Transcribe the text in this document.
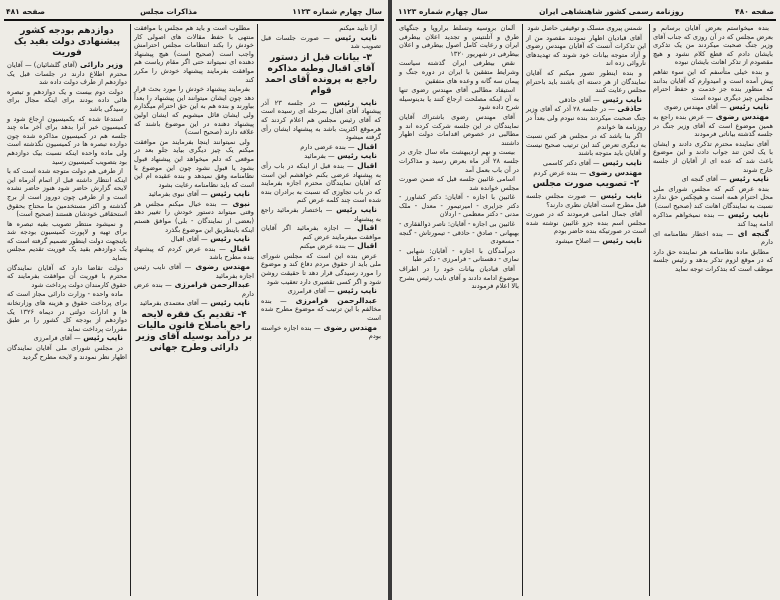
سال چهارم شماره ۱۱۲۳
مذاکرات مجلس
صفحه ۴۸۱

آرا تأیید میکنم

نایب رئیس — صورت جلسات قبل تصویب شد

۳- بیانات قبل از دستور آقای اقبال وطیه مذاکره راجع به پرونده آقای احمد قوام

نایب رئیس — در جلسه ۲۳ آذر پیشنهاد آقای اقبال بمرحله ای رسیده است که آقای رئیس مجلس هم اعلام کردند که هرموقع اکثریت باشد به پیشنهاد ایشان رأی گرفته میشود

اقبال — بنده عرضی دارم

نایب رئیس — بفرمائید

اقبال — بنده قبل از اینکه در باب رأی به پیشنهاد عرضی بکنم خواهشم این است که آقایان نمایندگان محترم اجازه بفرمایند که در باب تجاوزی که نسبت به برادران بنده شده است چند کلمه عرض کنم

نایب رئیس — باختصار بفرمائید راجع به پیشنهاد

اقبال — اجازه بفرمائید اگر آقایان موافقت میفرمایند عرض کنم

اقبال — بنده عرض میکنم

عرض بنده این است که مجلس شورای ملی باید از حقوق مردم دفاع کند و موضوع را مورد رسیدگی قرار دهد تا حقیقت روشن شود و اگر کسی تقصیری دارد تعقیب شود

نایب رئیس — آقای فرامرزی

عبدالرحمن فرامرزی — بنده مخالفم با این ترتیب که موضوع مطرح شده است

مهندس رضوی — بنده اجازه خواسته بودم

مطلوب است و باید هم مجلس با موافقت منتهی با حفظ مقالات های اصولی کار خودش را بکند انتظامات مجلس احترامش واجب است (صحیح است) هیچ پیشنهاد دهنده ای نمیتواند حتی اگر مقام ریاست هم موافقت بفرمایند پیشنهاد خودش را مکرر کند

بفرمایند پیشنهاد خودش را مورد بحث قرار دهد چون ایشان میتوانند این پیشنهاد را بعداً بیاورند و بنده هم به این حق احترام میگذارم ولی ایشان قائل میشویم که ایشان اولین پیشنهاد دهنده در این موضوع باشند که علاقه دارند (صحیح است)

ولی نمیتوانند اینجا بفرمایند من موافقت میکنم یک چیز دیگری بیاید جلو بعد در موقعی که دلم میخواهد این پیشنهاد قبول بشود یا قبول نشود چون این موضوع با نظامنامه وفق نمیدهد و بنده عقیده ام این است که باید نظامنامه رعایت بشود

نایب رئیس — آقای نبوی بفرمائید

نبوی — بنده خیال میکنم مجلس هر وقتی میتواند دستور خودش را تغییر دهد (بعضی از نمایندگان - بلی) موافق هستم اینکه باینطریق این موضوع بگذرد

نایب رئیس — آقای اقبال

اقبال — بنده عرض کردم که پیشنهاد بنده مطرح باشد

مهندس رضوی — آقای نایب رئیس اجازه بفرمائید

عبدالرحمن فرامرزی — بنده عرض دارم

نایب رئیس — آقای معتمدی بفرمائید

۴- تقدیم یک فقره لایحه راجع باصلاح قانون مالیات بر درآمد بوسیله آقای وزیر دارائی وطرح جهانی
دوازدهم بودجه کشور پیشنهادی دولت بقید یک فوریت

وزیر دارائی (آقای گلشائیان) — آقایان محترم اطلاع دارند در جلسات قبل یک دوازدهم از طرف دولت داده شد

دولت دوم بیست و یک دوازدهم و تبصره هائی داده بودند برای اینکه مجال برای رسیدگی باشد

استدعا شده که بکمیسیون ارجاع شود و کمیسیون خبر آنرا بدهد برای آخر ماه چند جلسه هم در کمیسیون مذاکره شده چون دوازده تبصره ها در کمیسیون نگذشته است ولی ماده واحده اینکه نسبت بیک دوازدهم بود بتصویب کمیسیون رسید

از طرفی هم دولت متوجه شده است که با اینکه انتظار داشته قبل از اتمام آذرماه این لایحه گزارش حاضر شود هنوز حاضر نشده است و از طرفی چون دوروز است از برج گذشته و اکثر مستخدمین ما محتاج بحقوق استحقاقی خودشان هستند (صحیح است)

و نمیشود منتظر تصویب بقیه تبصره ها برای تهیه و لاپورت کمیسیون بودجه شد باینجهت دولت اینطور تصمیم گرفته است که یک دوازدهم بقید یک فوریت تقدیم مجلس بنماید

دولت تقاضا دارد که آقایان نمایندگان محترم با فوریت آن موافقت بفرمایند که حقوق کارمندان دولت پرداخت شود

ماده واحده - وزارت دارائی مجاز است که برای پرداخت حقوق و هزینه های وزارتخانه ها و ادارات دولتی در دیماه ۱۳۲۶ یک دوازدهم از بودجه کل کشور را بر طبق مقررات پرداخت نماید

نایب رئیس — آقای فرامرزی

در مجلس شورای ملی آقایان نمایندگان اظهار نظر نمودند و لایحه مطرح گردید

صفحه ۴۸۰
روزنامه رسمی کشور شاهنشاهی ایران
سال چهارم شماره ۱۱۲۳

بنده میخواستم بعرض آقایان برسانم و بعرض مجلس که در آن روزی که جناب آقای وزیر جنگ صحبت میکردند من یک تذکری بایشان دادم که قطع کلام نشود و هیچ مقصودم از تذکر اهانت بایشان نبوده

و بنده خیلی متأسفم که این سوء تفاهم پیش آمده است و امیدوارم که آقایان بدانند که منظور بنده جز خدمت و حفظ احترام مجلس چیز دیگری نبوده است

نایب رئیس — آقای مهندس رضوی

مهندس رضوی — عرض بنده راجع به همین موضوع است که آقای وزیر جنگ در جلسه گذشته بیاناتی فرمودند

آقای نماینده محترم تذکری دادند و ایشان با یک لحن تند جواب دادند و این موضوع باعث شد که عده ای از آقایان از جلسه خارج شوند

نایب رئیس — آقای گنجه ای

بنده عرض کنم که مجلس شورای ملی محل احترام همه است و هیچکس حق ندارد نسبت به نمایندگان اهانت کند (صحیح است)

نایب رئیس — بنده نمیخواهم مذاکره ادامه پیدا کند

گنجه ای — بنده اخطار نظامنامه ای دارم

مطابق ماده نظامنامه هر نماینده حق دارد که در موقع لزوم تذکر بدهد و رئیس جلسه موظف است که بتذکرات توجه نماید

شمس پیروی مسلک و توقیفی حاصل شود

آقای قبادیان اظهار نمودند مقصود من از این تذکرات آنست که آقایان مهندس رضوی و آزاد متوجه بیانات خود شوند که تهدیدهای ناروائی زده اند

و بنده اینطور تصور میکنم که آقایان نمایندگان از هر دسته ای باشند باید باحترام مجلس رعایت کنند

نایب رئیس — آقای حاذقی

حاذقی — در جلسه ۲۸ آذر که آقای وزیر جنگ صحبت میکردند بنده نبودم ولی بعداً در روزنامه ها خواندم

اگر بنا باشد که در مجلس هر کس نسبت به دیگری تعرض کند این ترتیب صحیح نیست و آقایان باید متوجه باشند

نایب رئیس — آقای دکتر کاسمی

مهندس رضوی — بنده عرض کردم

۲- تصویب صورت مجلس

نایب رئیس — صورت مجلس جلسه قبل مطرح است آقایان نظری دارند؟

آقای جمال امامی فرمودند که در صورت مجلس اسم بنده جزو غائبین نوشته شده است در صورتیکه بنده حاضر بودم

نایب رئیس — اصلاح میشود

آلمان بروسیه وتسلط براروپا و جنگهای طرق و آتلنتیس و تجدید اعلان بیطرفی ایران و رعایت کامل اصول بیطرفی و اعلان بیطرفی در شهریور ۱۳۲۰

نقض بیطرفی ایران گذشته سیاست وشرایط متفقین با ایران در دوره جنگ و پیمان سه گانه و وعده های متفقین

استیفاد مطالبی آقای مهندس رضوی تنها به آن اینکه مصلحت ارجاع کنند یا بدینوسیله شرح داده شود

آقای مهندس رضوی باشتراك آقایان نمایندگان در این جلسه شرکت کرده اند و مطالبی در خصوص اقدامات دولت اظهار داشتند

بیست و نهم اردیبهشت ماه سال جاری در جلسه ۲۸ آذر ماه بعرض رسید و مذاکرات در آن باب بعمل آمد

اسامی غائبین جلسه قبل که ضمن صورت مجلس خوانده شد

غائبین با اجازه - آقایان: دکتر کشاورز - دکتر جزایری - امیرتیمور - معدل - ملک مدنی - دکتر معظمی - اردلان

غائبین بی اجازه - آقایان: ناصر ذوالفقاری - بهبهانی - صادق - حاذقی - تیمورتاش - گنجه - مسعودی

دیرآمدگان با اجازه - آقایان: شهابی - نمازی - دهستانی - فرامرزی - دکتر طبا

آقای قبادیان بیانات خود را در اطراف موضوع ادامه دادند و آقای نایب رئیس بشرح بالا اعلام فرمودند
